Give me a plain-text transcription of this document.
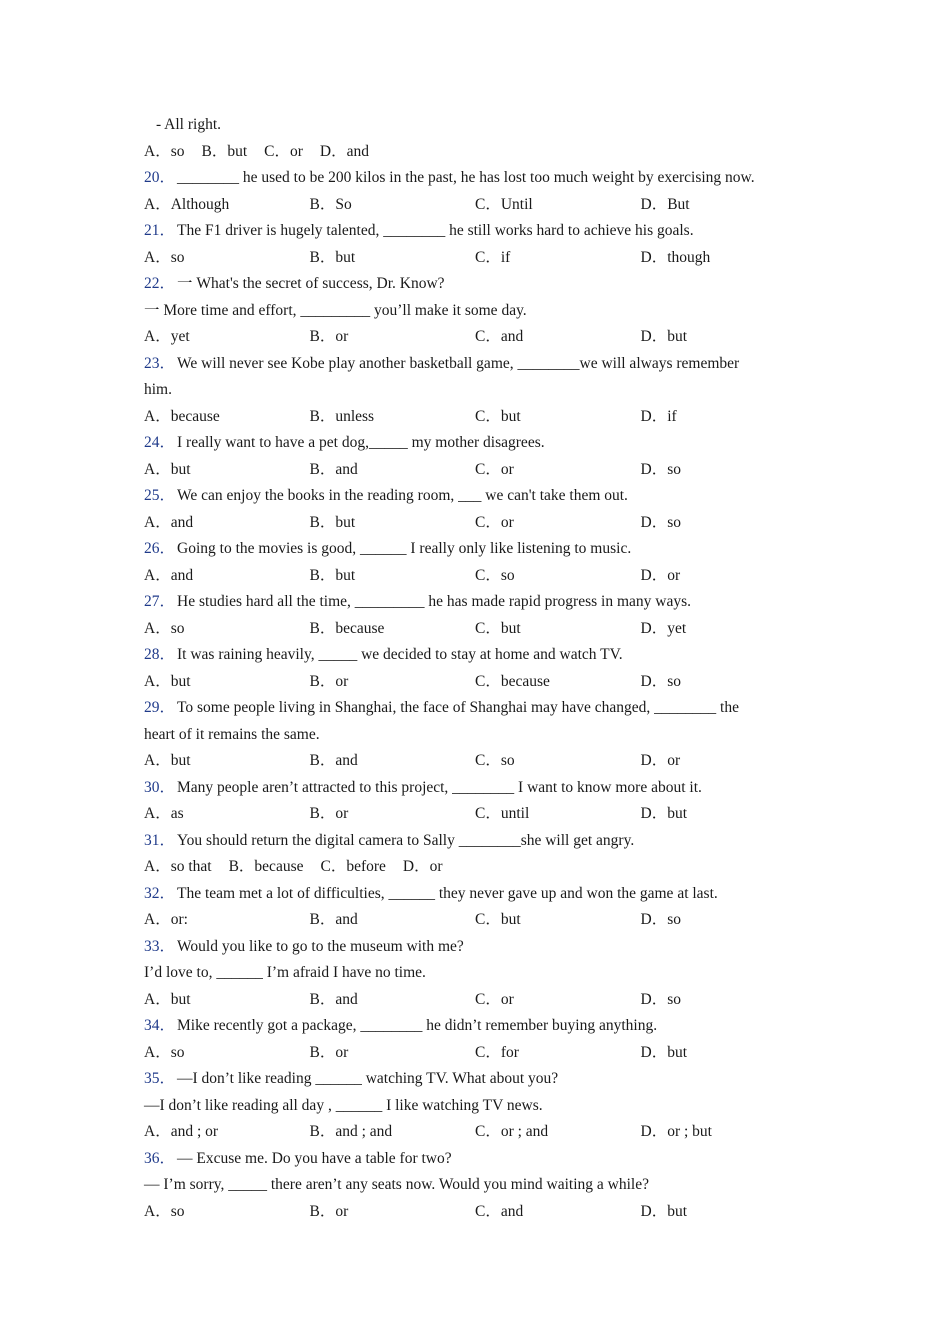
- All right.
A．so B．but C．or D．and
20． ________ he used to be 200 kilos in the past, he has lost too much weight by exercising now.
A．Although	B．So	C．Until	D．But
21． The F1 driver is hugely talented, ________ he still works hard to achieve his goals.
A．so	B．but	C．if	D．though
22． 一 What's the secret of success, Dr. Know?
一 More time and effort, _________ you’ll make it some day.
A．yet	B．or	C．and	D．but
23． We will never see Kobe play another basketball game, ________we will always remember
him.
A．because	B．unless	C．but	D．if
24． I really want to have a pet dog,_____ my mother disagrees.
A．but	B．and	C．or	D．so
25． We can enjoy the books in the reading room, ___ we can't take them out.
A．and	B．but	C．or	D．so
26． Going to the movies is good, ______ I really only like listening to music.
A．and	B．but	C．so	D．or
27． He studies hard all the time, _________ he has made rapid progress in many ways.
A．so	B．because	C．but	D．yet
28． It was raining heavily, _____ we decided to stay at home and watch TV.
A．but	B．or	C．because	D．so
29． To some people living in Shanghai, the face of Shanghai may have changed, ________ the
heart of it remains the same.
A．but	B．and	C．so	D．or
30． Many people aren’t attracted to this project, ________ I want to know more about it.
A．as	B．or	C．until	D．but
31． You should return the digital camera to Sally ________she will get angry.
A．so that B．because C．before D．or
32． The team met a lot of difficulties, ______ they never gave up and won the game at last.
A．or:	B．and	C．but	D．so
33． Would you like to go to the museum with me?
I’d love to, ______ I’m afraid I have no time.
A．but	B．and	C．or	D．so
34． Mike recently got a package, ________ he didn’t remember buying anything.
A．so	B．or	C．for	D．but
35． —I don’t like reading ______ watching TV. What about you?
—I don’t like reading all day , ______ I like watching TV news.
A．and ; or	B．and ; and	C．or ; and	D．or ; but
36． — Excuse me. Do you have a table for two?
— I’m sorry, _____ there aren’t any seats now. Would you mind waiting a while?
A．so	B．or	C．and	D．but
